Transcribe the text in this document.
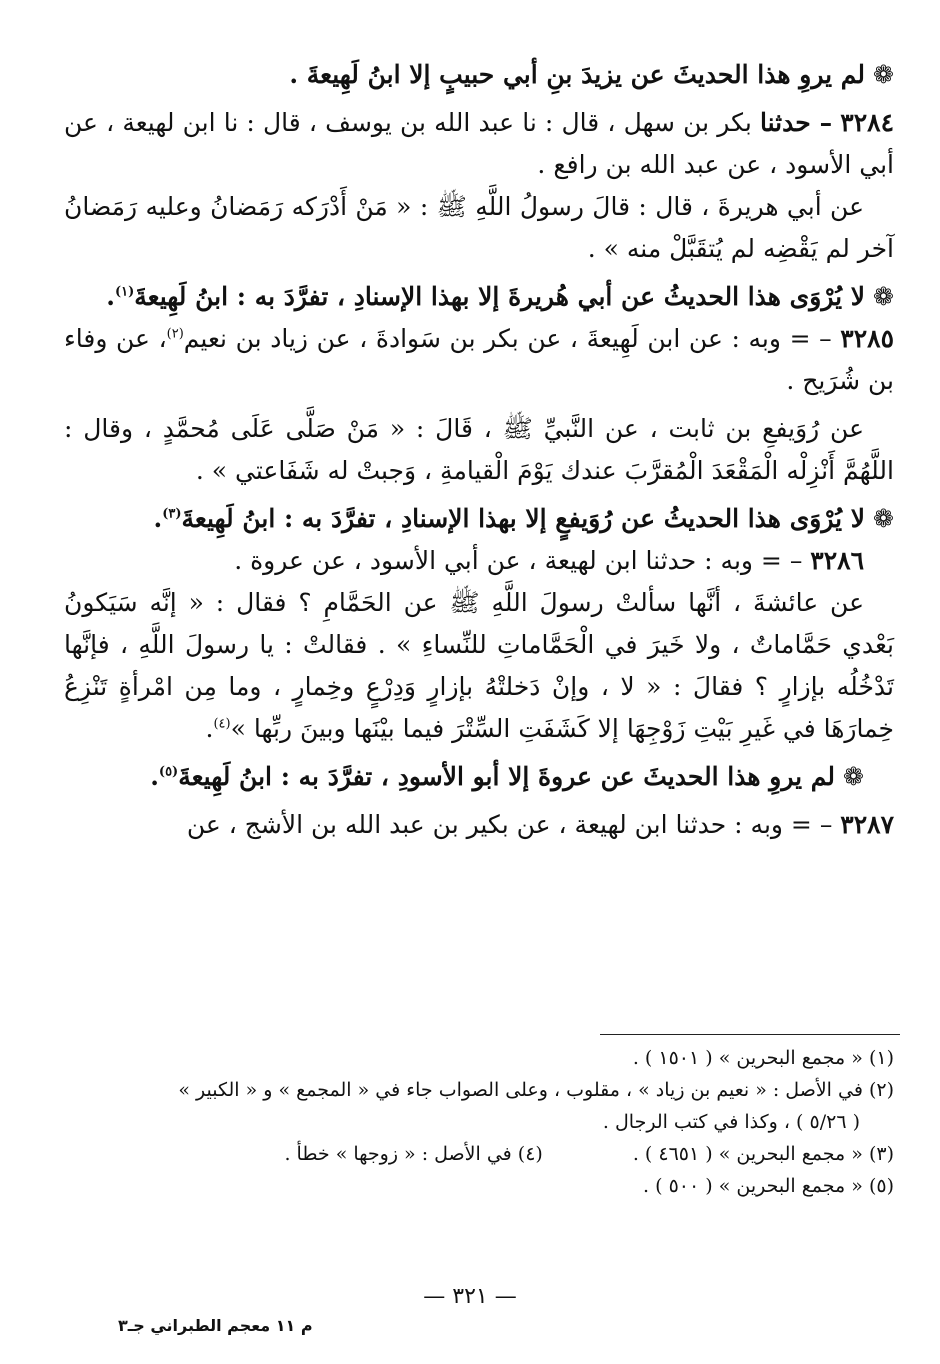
❁لم يروِ هذا الحديثَ عن يزيدَ بنِ أبي حبيبٍ إلا ابنُ لَهِيعةَ .

٣٢٨٤ – حدثنا بكر بن سهل ، قال : نا عبد الله بن يوسف ، قال : نا ابن لهيعة ، عن أبي الأسود ، عن عبد الله بن رافع .

عن أبي هريرةَ ، قال : قالَ رسولُ اللَّهِ ﷺ : « مَنْ أَدْرَكه رَمَضانُ وعليه رَمَضانُ آخر لم يَقْضِه لم يُتقَبَّلْ منه » .

❁لا يُرْوَى هذا الحديثُ عن أبي هُريرةَ إلا بهذا الإسنادِ ، تفرَّدَ به : ابنُ لَهِيعةَ$^{(١)}$.

٣٢٨٥ – = وبه : عن ابن لَهِيعةَ ، عن بكر بن سَوادةَ ، عن زياد بن نعيم$^{(٢)}$، عن وفاء بن شُرَيح .

عن رُوَيفعِ بن ثابت ، عن النَّبيِّ ﷺ ، قَالَ : « مَنْ صَلَّى عَلَى مُحمَّدٍ ، وقال : اللَّهُمَّ أَنْزِلْه الْمَقْعَدَ الْمُقرَّبَ عندك يَوْمَ الْقيامةِ ، وَجبتْ له شَفَاعتي » .

❁لا يُرْوَى هذا الحديثُ عن رُوَيفعٍ إلا بهذا الإسنادِ ، تفرَّدَ به : ابنُ لَهِيعةَ$^{(٣)}$.

٣٢٨٦ – = وبه : حدثنا ابن لهيعة ، عن أبي الأسود ، عن عروة .

عن عائشةَ ، أنَّها سألتْ رسولَ اللَّهِ ﷺ عن الحَمَّامِ ؟ فقال : « إنَّه سَيَكونُ بَعْدي حَمَّاماتٌ ، ولا خَيرَ في الْحَمَّاماتِ للنِّساءِ » . فقالتْ : يا رسولَ اللَّهِ ، فإنَّها تَدْخُلُه بإزارٍ ؟ فقالَ : « لا ، وإنْ دَخلتْهُ بإزارٍ وَدِرْعٍ وخِمارٍ ، وما مِن امْرأةٍ تَنْزِعُ خِمارَهَا في غَيرِ بَيْتِ زَوْجِهَا إلا كَشَفَتِ السِّتْرَ فيما بيْنَها وبينَ ربِّها »$^{(٤)}$.

❁لم يروِ هذا الحديثَ عن عروةَ إلا أبو الأسودِ ، تفرَّدَ به : ابنُ لَهِيعةَ$^{(٥)}$.

٣٢٨٧ – = وبه : حدثنا ابن لهيعة ، عن بكير بن عبد الله بن الأشج ، عن

(١) « مجمع البحرين » ( ١٥٠١ ) .

(٢) في الأصل : « نعيم بن زياد » ، مقلوب ، وعلى الصواب جاء في « المجمع » و « الكبير »

( ٥/٢٦ ) ، وكذا في كتب الرجال .

(٣) « مجمع البحرين » ( ٤٦٥١ ) .

(٤) في الأصل : « زوجها » خطأ .

(٥) « مجمع البحرين » ( ٥٠٠ ) .

— ٣٢١ —
م ١١ معجم الطبراني جـ٣
